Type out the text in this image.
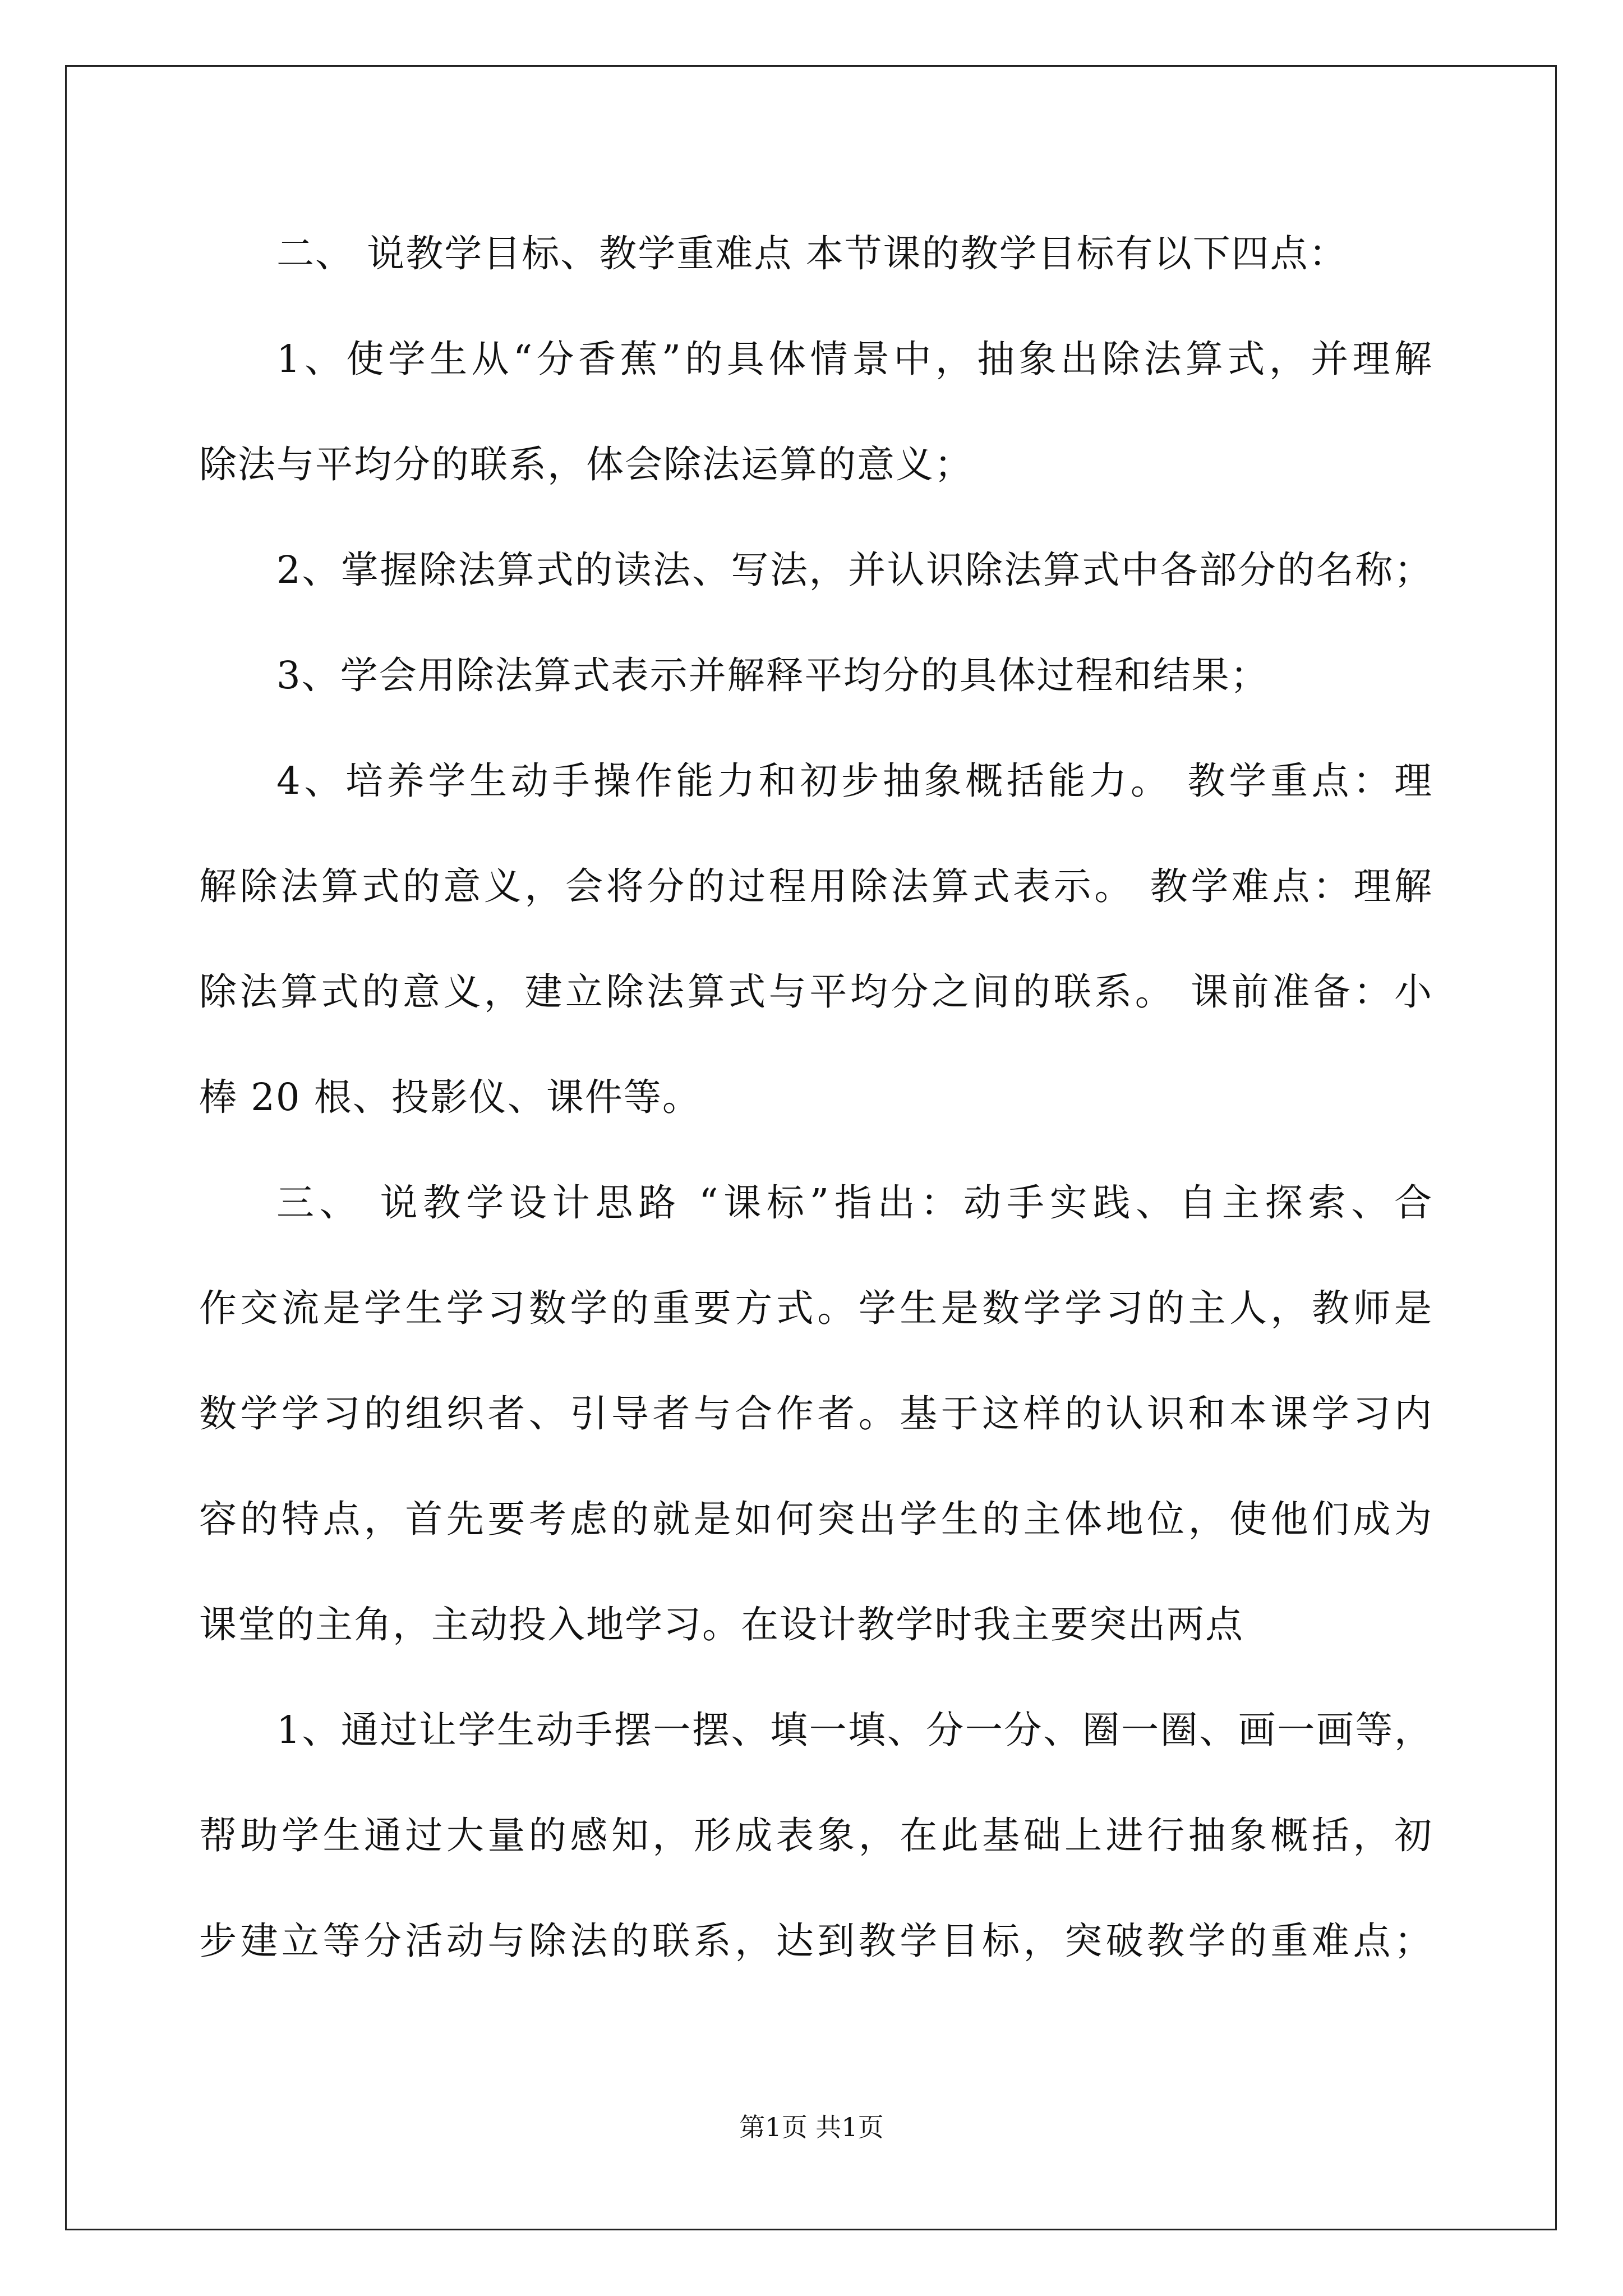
二、 说教学目标、教学重难点 本节课的教学目标有以下四点：
1、使学生从“分香蕉”的具体情景中，抽象出除法算式，并理解
除法与平均分的联系，体会除法运算的意义；
2、掌握除法算式的读法、写法，并认识除法算式中各部分的名称；
3、学会用除法算式表示并解释平均分的具体过程和结果；
4、培养学生动手操作能力和初步抽象概括能力。 教学重点：理
解除法算式的意义，会将分的过程用除法算式表示。 教学难点：理解
除法算式的意义，建立除法算式与平均分之间的联系。 课前准备：小
棒 20 根、投影仪、课件等。
三、 说教学设计思路 “课标”指出：动手实践、自主探索、合
作交流是学生学习数学的重要方式。学生是数学学习的主人，教师是
数学学习的组织者、引导者与合作者。基于这样的认识和本课学习内
容的特点，首先要考虑的就是如何突出学生的主体地位，使他们成为
课堂的主角，主动投入地学习。在设计教学时我主要突出两点
1、通过让学生动手摆一摆、填一填、分一分、圈一圈、画一画等，
帮助学生通过大量的感知，形成表象，在此基础上进行抽象概括，初
步建立等分活动与除法的联系，达到教学目标，突破教学的重难点；
第1页 共1页
